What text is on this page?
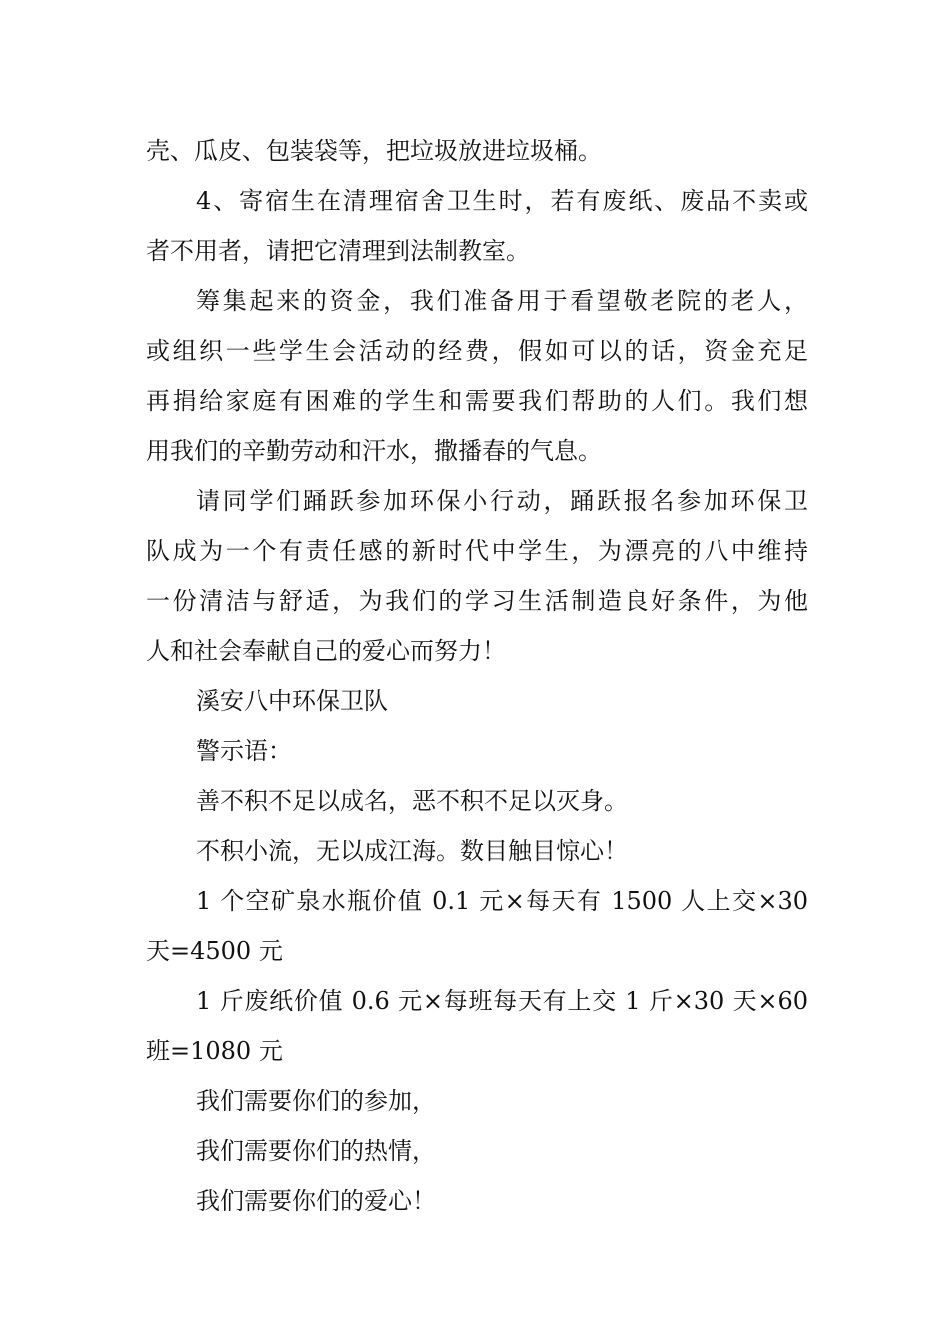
壳、瓜皮、包装袋等，把垃圾放进垃圾桶。
4、寄宿生在清理宿舍卫生时，若有废纸、废品不卖或
者不用者，请把它清理到法制教室。
筹集起来的资金，我们准备用于看望敬老院的老人，
或组织一些学生会活动的经费，假如可以的话，资金充足
再捐给家庭有困难的学生和需要我们帮助的人们。我们想
用我们的辛勤劳动和汗水，撒播春的气息。
请同学们踊跃参加环保小行动，踊跃报名参加环保卫
队成为一个有责任感的新时代中学生，为漂亮的八中维持
一份清洁与舒适，为我们的学习生活制造良好条件，为他
人和社会奉献自己的爱心而努力！
溪安八中环保卫队
警示语：
善不积不足以成名，恶不积不足以灭身。
不积小流，无以成江海。数目触目惊心！
1 个空矿泉水瓶价值 0.1 元×每天有 1500 人上交×30
天=4500 元
1 斤废纸价值 0.6 元×每班每天有上交 1 斤×30 天×60
班=1080 元
我们需要你们的参加，
我们需要你们的热情，
我们需要你们的爱心！
